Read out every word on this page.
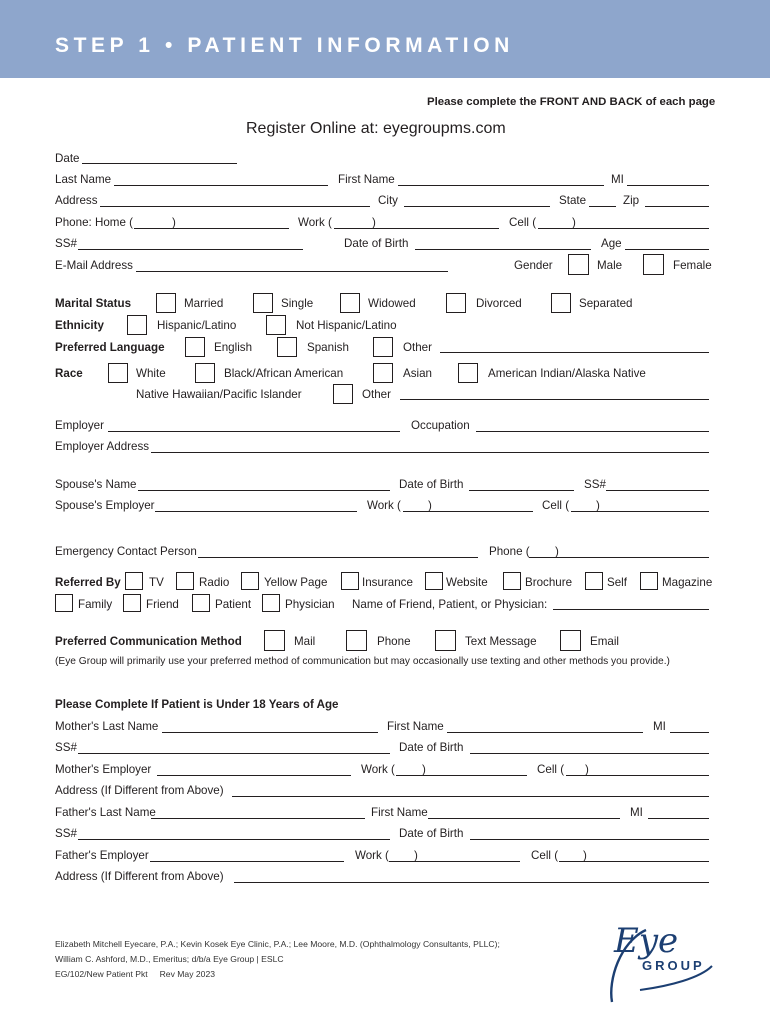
STEP 1 • PATIENT INFORMATION
Please complete the FRONT AND BACK of each page
Register Online at: eyegroupms.com
Date
Last Name	First Name	MI
Address	City	State	Zip
Phone: Home (	)	Work (	)	Cell (	)
SS#	Date of Birth	Age
E-Mail Address	Gender	Male	Female
Marital Status	Married	Single	Widowed	Divorced	Separated
Ethnicity	Hispanic/Latino	Not Hispanic/Latino
Preferred Language	English	Spanish	Other
Race	White	Black/African American	Asian	American Indian/Alaska Native
Native Hawaiian/Pacific Islander	Other
Employer	Occupation
Employer Address
Spouse's Name	Date of Birth	SS#
Spouse's Employer	Work ( )	Cell ( )
Emergency Contact Person	Phone ( )
Referred By TV	Radio	Yellow Page	Insurance	Website	Brochure	Self	Magazine
Family	Friend	Patient	Physician Name of Friend, Patient, or Physician:
Preferred Communication Method	Mail	Phone	Text Message	Email
(Eye Group will primarily use your preferred method of communication but may occasionally use texting and other methods you provide.)
Please Complete If Patient is Under 18 Years of Age
Mother's Last Name	First Name	MI
SS#	Date of Birth
Mother's Employer	Work ( )	Cell ( )
Address (If Different from Above)
Father's Last Name	First Name	MI
SS#	Date of Birth
Father's Employer	Work ( )	Cell ( )
Address (If Different from Above)
Elizabeth Mitchell Eyecare, P.A.; Kevin Kosek Eye Clinic, P.A.; Lee Moore, M.D. (Ophthalmology Consultants, PLLC);
William C. Ashford, M.D., Emeritus; d/b/a Eye Group | ESLC
EG/102/New Patient Pkt     Rev May 2023
Eye
GROUP
